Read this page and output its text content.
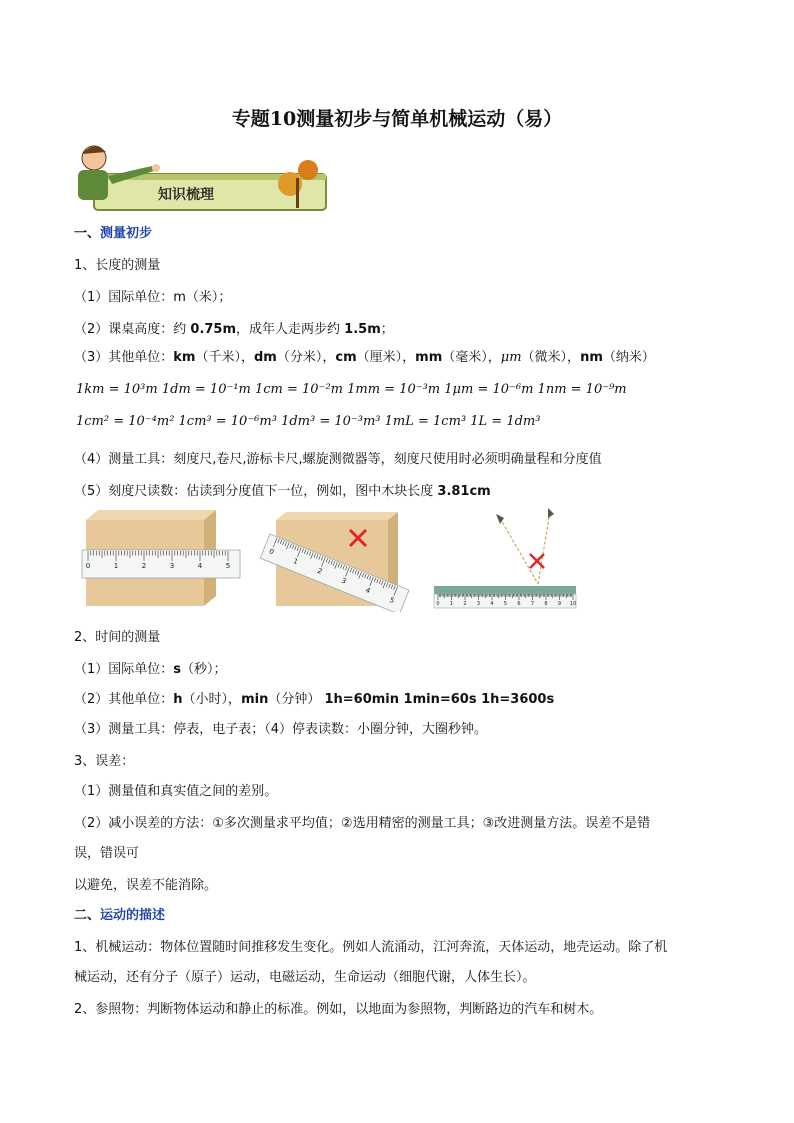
专题10测量初步与简单机械运动（易）
知识梳理
一、测量初步
1、长度的测量
（1）国际单位：m（米）；
（2）课桌高度：约 0.75m，成年人走两步约 1.5m；
（3）其他单位：km（千米），dm（分米），cm（厘米），mm（毫米），μm（微米），nm（纳米）
1km = 10³m 1dm = 10⁻¹m 1cm = 10⁻²m 1mm = 10⁻³m 1μm = 10⁻⁶m 1nm = 10⁻⁹m
1cm² = 10⁻⁴m² 1cm³ = 10⁻⁶m³ 1dm³ = 10⁻³m³ 1mL = 1cm³ 1L = 1dm³
（4）测量工具：刻度尺,卷尺,游标卡尺,螺旋测微器等，刻度尺使用时必须明确量程和分度值
（5）刻度尺读数：估读到分度值下一位，例如，图中木块长度 3.81cm
0	1	2	3	4	5
0
1
2
3
4
5	0 1 2 3 4 5 6 7 8 9 10
2、时间的测量
（1）国际单位：s（秒）；
（2）其他单位：h（小时），min（分钟） 1h=60min 1min=60s 1h=3600s
（3）测量工具：停表，电子表；（4）停表读数：小圈分钟，大圈秒钟。
3、误差：
（1）测量值和真实值之间的差别。
（2）减小误差的方法：①多次测量求平均值；②选用精密的测量工具；③改进测量方法。误差不是错
误，错误可
以避免，误差不能消除。
二、运动的描述
1、机械运动：物体位置随时间推移发生变化。例如人流涌动，江河奔流，天体运动，地壳运动。除了机
械运动，还有分子（原子）运动，电磁运动，生命运动（细胞代谢，人体生长）。
2、参照物：判断物体运动和静止的标准。例如，以地面为参照物，判断路边的汽车和树木。
